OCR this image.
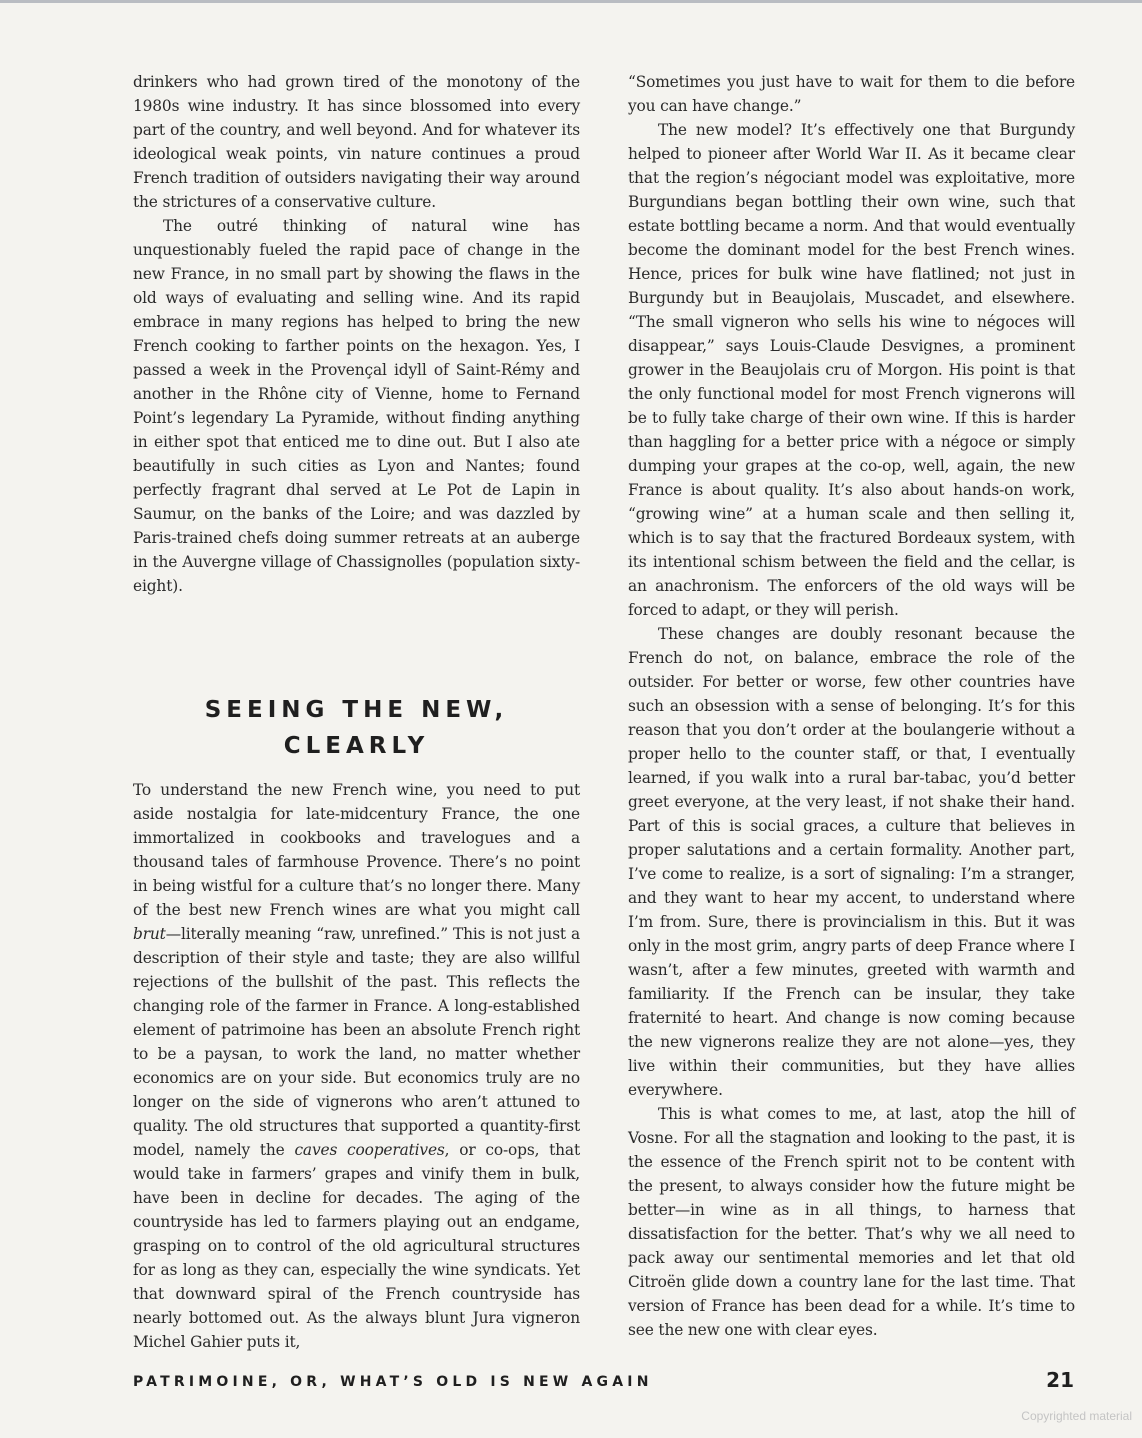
drinkers who had grown tired of the monotony of the 1980s wine industry. It has since blossomed into every part of the country, and well beyond. And for whatever its ideological weak points, vin nature continues a proud French tradition of outsiders navigating their way around the strictures of a conservative culture.

The outré thinking of natural wine has unquestionably fueled the rapid pace of change in the new France, in no small part by showing the flaws in the old ways of evaluating and selling wine. And its rapid embrace in many regions has helped to bring the new French cooking to farther points on the hexagon. Yes, I passed a week in the Provençal idyll of Saint-Rémy and another in the Rhône city of Vienne, home to Fernand Point’s legendary La Pyramide, without finding anything in either spot that enticed me to dine out. But I also ate beautifully in such cities as Lyon and Nantes; found perfectly fragrant dhal served at Le Pot de Lapin in Saumur, on the banks of the Loire; and was dazzled by Paris-trained chefs doing summer retreats at an auberge in the Auvergne village of Chassignolles (population sixty-eight).

SEEING THE NEW,
CLEARLY

To understand the new French wine, you need to put aside nostalgia for late-midcentury France, the one immortalized in cookbooks and travelogues and a thousand tales of farmhouse Provence. There’s no point in being wistful for a culture that’s no longer there. Many of the best new French wines are what you might call brut—literally meaning “raw, unrefined.” This is not just a description of their style and taste; they are also willful rejections of the bullshit of the past. This reflects the changing role of the farmer in France. A long-established element of patrimoine has been an absolute French right to be a paysan, to work the land, no matter whether economics are on your side. But economics truly are no longer on the side of vignerons who aren’t attuned to quality. The old structures that supported a quantity-first model, namely the caves cooperatives, or co-ops, that would take in farmers’ grapes and vinify them in bulk, have been in decline for decades. The aging of the countryside has led to farmers playing out an endgame, grasping on to control of the old agricultural structures for as long as they can, especially the wine syndicats. Yet that downward spiral of the French countryside has nearly bottomed out. As the always blunt Jura vigneron Michel Gahier puts it,

“Sometimes you just have to wait for them to die before you can have change.”

The new model? It’s effectively one that Burgundy helped to pioneer after World War II. As it became clear that the region’s négociant model was exploitative, more Burgundians began bottling their own wine, such that estate bottling became a norm. And that would eventually become the dominant model for the best French wines. Hence, prices for bulk wine have flatlined; not just in Burgundy but in Beaujolais, Muscadet, and elsewhere. “The small vigneron who sells his wine to négoces will disappear,” says Louis-Claude Desvignes, a prominent grower in the Beaujolais cru of Morgon. His point is that the only functional model for most French vignerons will be to fully take charge of their own wine. If this is harder than haggling for a better price with a négoce or simply dumping your grapes at the co-op, well, again, the new France is about quality. It’s also about hands-on work, “growing wine” at a human scale and then selling it, which is to say that the fractured Bordeaux system, with its intentional schism between the field and the cellar, is an anachronism. The enforcers of the old ways will be forced to adapt, or they will perish.

These changes are doubly resonant because the French do not, on balance, embrace the role of the outsider. For better or worse, few other countries have such an obsession with a sense of belonging. It’s for this reason that you don’t order at the boulangerie without a proper hello to the counter staff, or that, I eventually learned, if you walk into a rural bar-tabac, you’d better greet everyone, at the very least, if not shake their hand. Part of this is social graces, a culture that believes in proper salutations and a certain formality. Another part, I’ve come to realize, is a sort of signaling: I’m a stranger, and they want to hear my accent, to understand where I’m from. Sure, there is provincialism in this. But it was only in the most grim, angry parts of deep France where I wasn’t, after a few minutes, greeted with warmth and familiarity. If the French can be insular, they take fraternité to heart. And change is now coming because the new vignerons realize they are not alone—yes, they live within their communities, but they have allies everywhere.

This is what comes to me, at last, atop the hill of Vosne. For all the stagnation and looking to the past, it is the essence of the French spirit not to be content with the present, to always consider how the future might be better—in wine as in all things, to harness that dissatisfaction for the better. That’s why we all need to pack away our sentimental memories and let that old Citroën glide down a country lane for the last time. That version of France has been dead for a while. It’s time to see the new one with clear eyes.

PATRIMOINE, OR, WHAT’S OLD IS NEW AGAIN	21
Copyrighted material
